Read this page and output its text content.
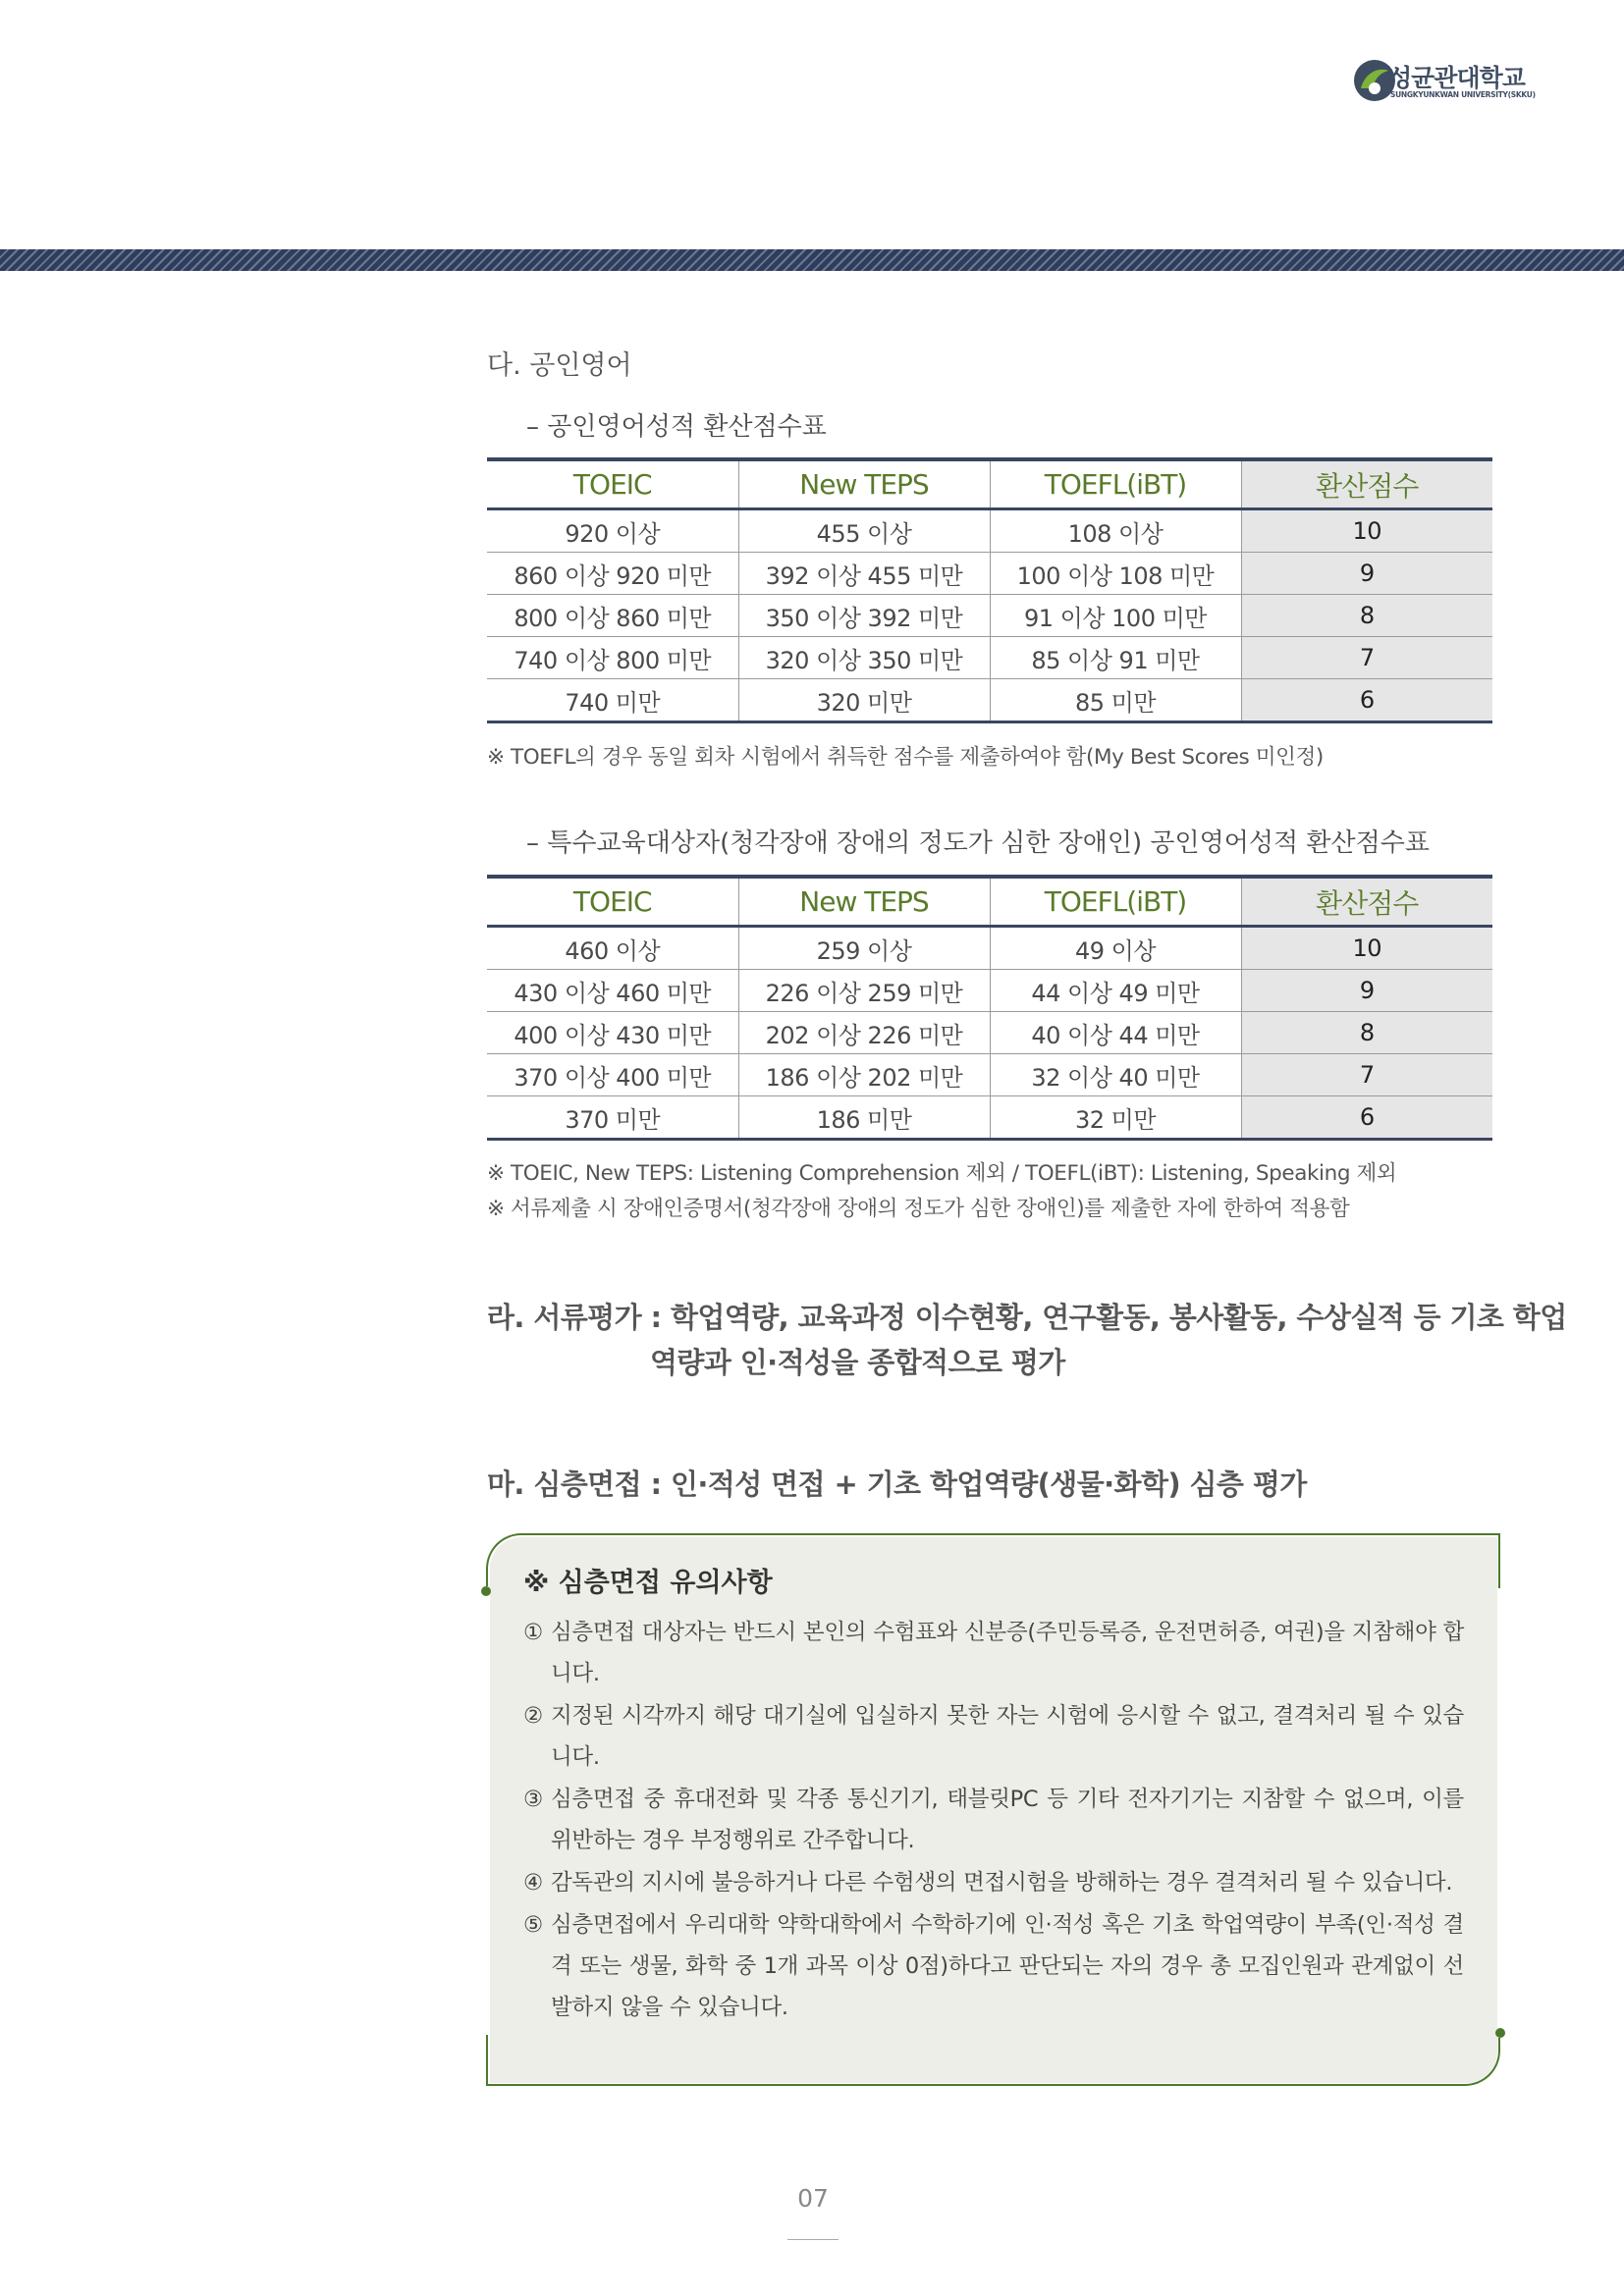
성균관대학교
SUNGKYUNKWAN UNIVERSITY(SKKU)
다. 공인영어
– 공인영어성적 환산점수표
TOEIC	New TEPS	TOEFL(iBT)	환산점수
920 이상	455 이상	108 이상	10
860 이상 920 미만	392 이상 455 미만	100 이상 108 미만	9
800 이상 860 미만	350 이상 392 미만	91 이상 100 미만	8
740 이상 800 미만	320 이상 350 미만	85 이상 91 미만	7
740 미만	320 미만	85 미만	6
※ TOEFL의 경우 동일 회차 시험에서 취득한 점수를 제출하여야 함(My Best Scores 미인정)
– 특수교육대상자(청각장애 장애의 정도가 심한 장애인) 공인영어성적 환산점수표
TOEIC	New TEPS	TOEFL(iBT)	환산점수
460 이상	259 이상	49 이상	10
430 이상 460 미만	226 이상 259 미만	44 이상 49 미만	9
400 이상 430 미만	202 이상 226 미만	40 이상 44 미만	8
370 이상 400 미만	186 이상 202 미만	32 이상 40 미만	7
370 미만	186 미만	32 미만	6
※ TOEIC, New TEPS: Listening Comprehension 제외 / TOEFL(iBT): Listening, Speaking 제외
※ 서류제출 시 장애인증명서(청각장애 장애의 정도가 심한 장애인)를 제출한 자에 한하여 적용함
라. 서류평가 : 학업역량, 교육과정 이수현황, 연구활동, 봉사활동, 수상실적 등 기초 학업
역량과 인·적성을 종합적으로 평가
마. 심층면접 : 인·적성 면접 + 기초 학업역량(생물·화학) 심층 평가
※ 심층면접 유의사항
① 심층면접 대상자는 반드시 본인의 수험표와 신분증(주민등록증, 운전면허증, 여권)을 지참해야 합니다.
② 지정된 시각까지 해당 대기실에 입실하지 못한 자는 시험에 응시할 수 없고, 결격처리 될 수 있습니다.
③ 심층면접 중 휴대전화 및 각종 통신기기, 태블릿PC 등 기타 전자기기는 지참할 수 없으며, 이를 위반하는 경우 부정행위로 간주합니다.
④ 감독관의 지시에 불응하거나 다른 수험생의 면접시험을 방해하는 경우 결격처리 될 수 있습니다.
⑤ 심층면접에서 우리대학 약학대학에서 수학하기에 인·적성 혹은 기초 학업역량이 부족(인·적성 결격 또는 생물, 화학 중 1개 과목 이상 0점)하다고 판단되는 자의 경우 총 모집인원과 관계없이 선발하지 않을 수 있습니다.
07
